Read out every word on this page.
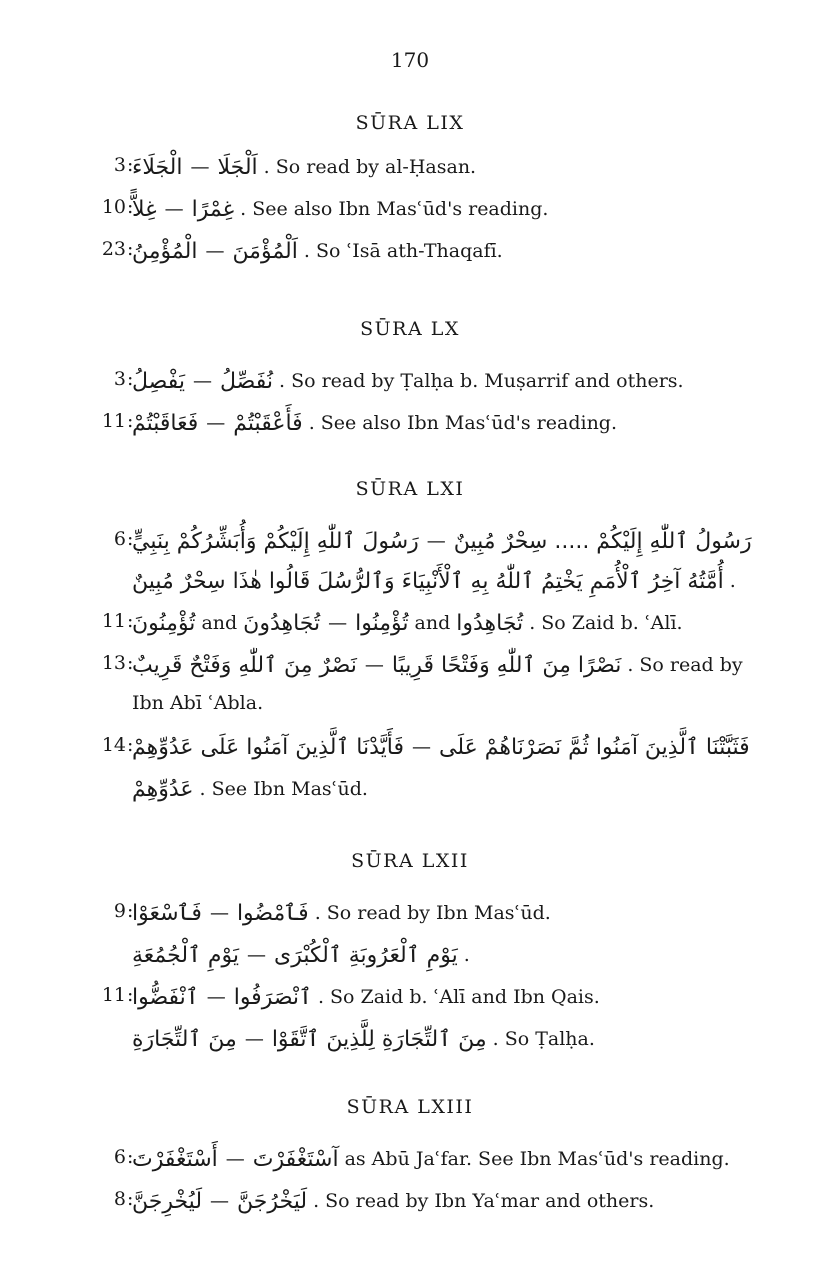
170
SŪRA LIX
3 :
الْجَلَاءَ — اَلْجَلَا . So read by al-Ḥasan.
10 :
غِلاًّ — غِمْرًا . See also Ibn Masʿūd's reading.
23 :
الْمُؤْمِنُ — اَلْمُؤْمَنَ . So ʿIsā ath-Thaqafī.
SŪRA LX
3 :
يَفْصِلُ — نُفَصِّلُ . So read by Ṭalḥa b. Muṣarrif and others.
11 :
فَعَاقَبْتُمْ — فَأَعْقَبْتُمْ . See also Ibn Masʿūd's reading.
SŪRA LXI
6 :
رَسُولَ ٱللّٰهِ إِلَيْكُمْ وَأُبَشِّرُكُمْ بِنَبِيٍّ — رَسُولُ ٱللّٰهِ إِلَيْكُمْ ..... سِحْرٌ مُبِينٌ
أُمَّتُهُ آخِرُ ٱلْأُمَمِ يَخْتِمُ ٱللّٰهُ بِهِ ٱلْأَنْبِيَاءَ وَٱلرُّسُلَ قَالُوا هٰذَا سِحْرٌ مُبِينٌ .
11 :
تُؤْمِنُونَ and تُجَاهِدُونَ — تُؤْمِنُوا and تُجَاهِدُوا . So Zaid b. ʿAlī.
13 :
نَصْرٌ مِنَ ٱللّٰهِ وَفَتْحٌ قَرِيبٌ — نَصْرًا مِنَ ٱللّٰهِ وَفَتْحًا قَرِيبًا . So read by
Ibn Abī ʿAbla.
14 :
فَأَيَّدْنَا ٱلَّذِينَ آمَنُوا عَلَى عَدُوِّهِمْ — فَثَبَّتْنَا ٱلَّذِينَ آمَنُوا ثُمَّ نَصَرْنَاهُمْ عَلَى
عَدُوِّهِمْ . See Ibn Masʿūd.
SŪRA LXII
9 :
فَٱسْعَوْا — فَٱمْضُوا . So read by Ibn Masʿūd.
يَوْمِ ٱلْجُمُعَةِ — يَوْمِ ٱلْعَرُوبَةِ ٱلْكُبْرَى .
11 :
ٱنْفَضُّوا — ٱنْصَرَفُوا . So Zaid b. ʿAlī and Ibn Qais.
مِنَ ٱلتِّجَارَةِ — مِنَ ٱلتِّجَارَةِ لِلَّذِينَ ٱتَّقَوْا . So Ṭalḥa.
SŪRA LXIII
6 :
أَسْتَغْفَرْتَ — آسْتَغْفَرْتَ as Abū Jaʿfar. See Ibn Masʿūd's reading.
8 :
لَيُخْرِجَنَّ — لَيَخْرُجَنَّ . So read by Ibn Yaʿmar and others.
